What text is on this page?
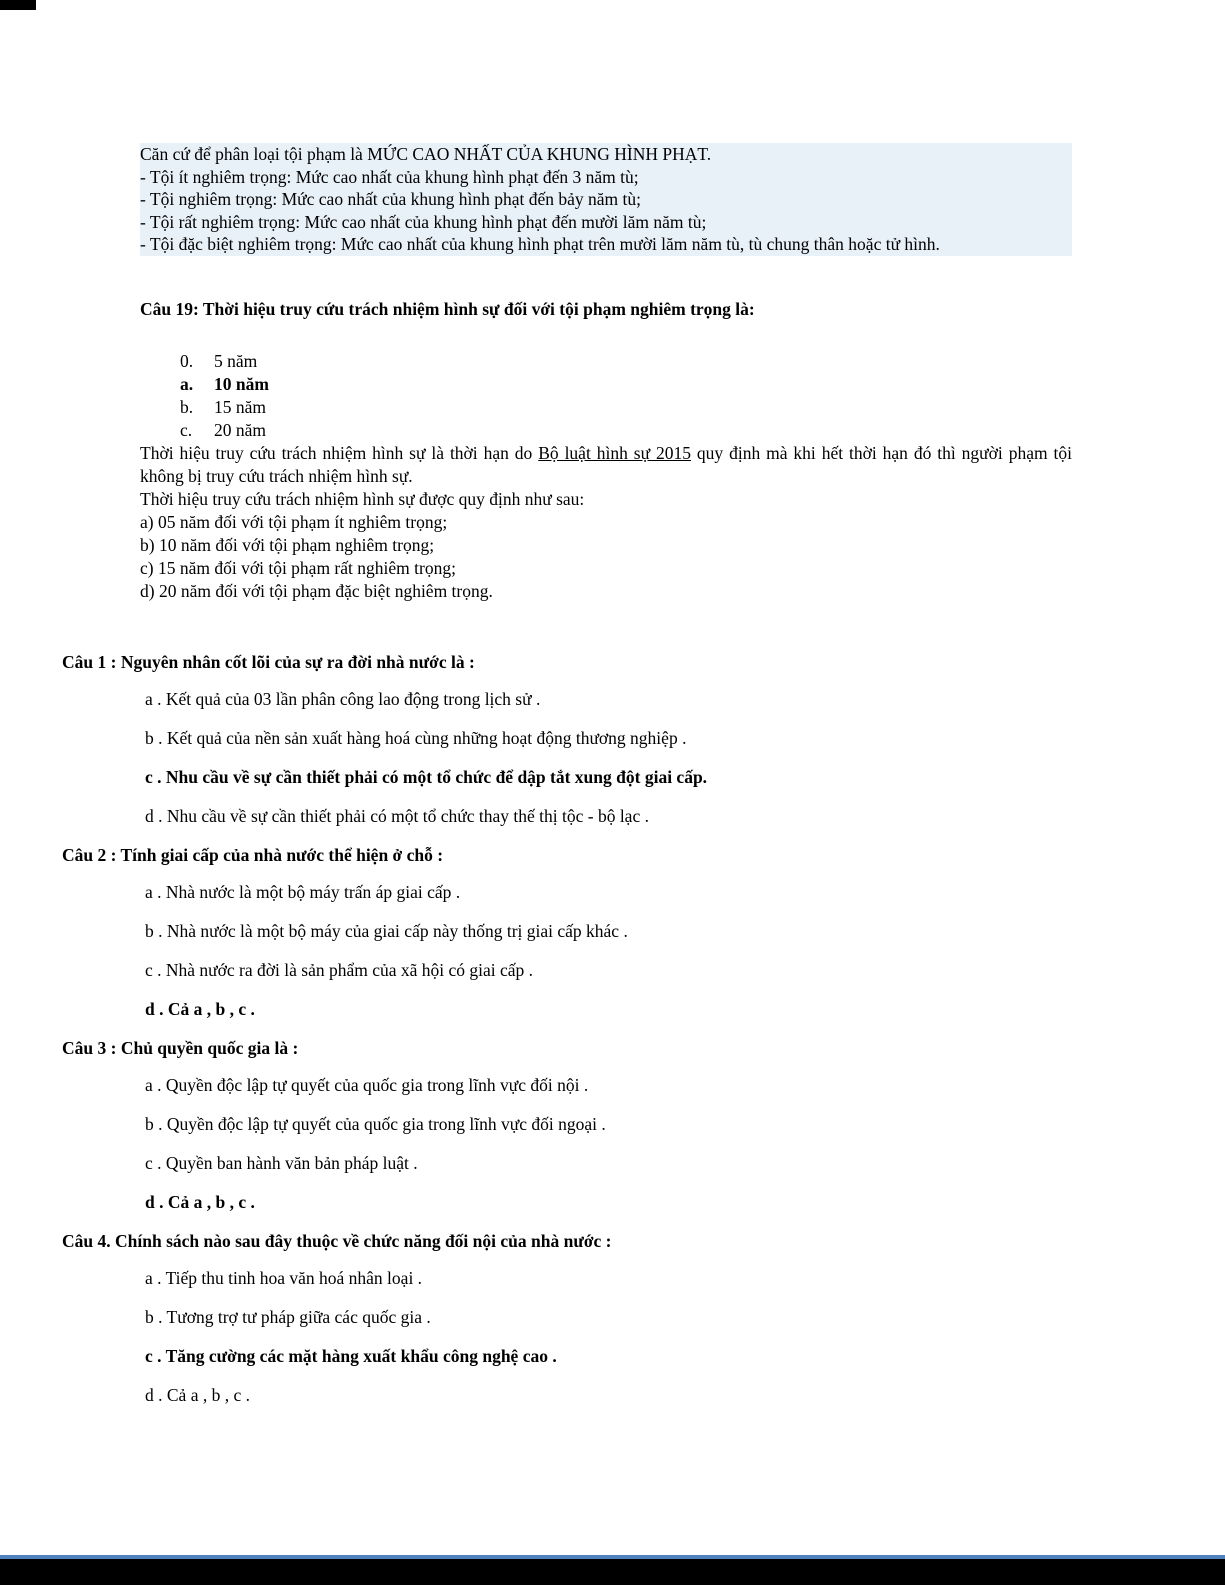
Căn cứ để phân loại tội phạm là MỨC CAO NHẤT CỦA KHUNG HÌNH PHẠT.
- Tội ít nghiêm trọng: Mức cao nhất của khung hình phạt đến 3 năm tù;
- Tội nghiêm trọng: Mức cao nhất của khung hình phạt đến bảy năm tù;
- Tội rất nghiêm trọng: Mức cao nhất của khung hình phạt đến mười lăm năm tù;
- Tội đặc biệt nghiêm trọng: Mức cao nhất của khung hình phạt trên mười lăm năm tù, tù chung thân hoặc tử hình.

Câu 19: Thời hiệu truy cứu trách nhiệm hình sự đối với tội phạm nghiêm trọng là:

0. 5 năm
a. 10 năm
b. 15 năm
c. 20 năm

Thời hiệu truy cứu trách nhiệm hình sự là thời hạn do Bộ luật hình sự 2015 quy định mà khi hết thời hạn đó thì người phạm tội không bị truy cứu trách nhiệm hình sự.

Thời hiệu truy cứu trách nhiệm hình sự được quy định như sau:

a) 05 năm đối với tội phạm ít nghiêm trọng;

b) 10 năm đối với tội phạm nghiêm trọng;

c) 15 năm đối với tội phạm rất nghiêm trọng;

d) 20 năm đối với tội phạm đặc biệt nghiêm trọng.

Câu 1 : Nguyên nhân cốt lõi của sự ra đời nhà nước là :

a . Kết quả của 03 lần phân công lao động trong lịch sử .

b . Kết quả của nền sản xuất hàng hoá cùng những hoạt động thương nghiệp .

c . Nhu cầu về sự cần thiết phải có một tổ chức để dập tắt xung đột giai cấp.

d . Nhu cầu về sự cần thiết phải có một tổ chức thay thế thị tộc - bộ lạc .

Câu 2 : Tính giai cấp của nhà nước thể hiện ở chỗ :

a . Nhà nước là một bộ máy trấn áp giai cấp .

b . Nhà nước là một bộ máy của giai cấp này thống trị giai cấp khác .

c . Nhà nước ra đời là sản phẩm của xã hội có giai cấp .

d . Cả a , b , c .

Câu 3 : Chủ quyền quốc gia là :

a . Quyền độc lập tự quyết của quốc gia trong lĩnh vực đối nội .

b . Quyền độc lập tự quyết của quốc gia trong lĩnh vực đối ngoại .

c . Quyền ban hành văn bản pháp luật .

d . Cả a , b , c .

Câu 4. Chính sách nào sau đây thuộc về chức năng đối nội của nhà nước :

a . Tiếp thu tinh hoa văn hoá nhân loại .

b . Tương trợ tư pháp giữa các quốc gia .

c . Tăng cường các mặt hàng xuất khẩu công nghệ cao .

d . Cả a , b , c .
